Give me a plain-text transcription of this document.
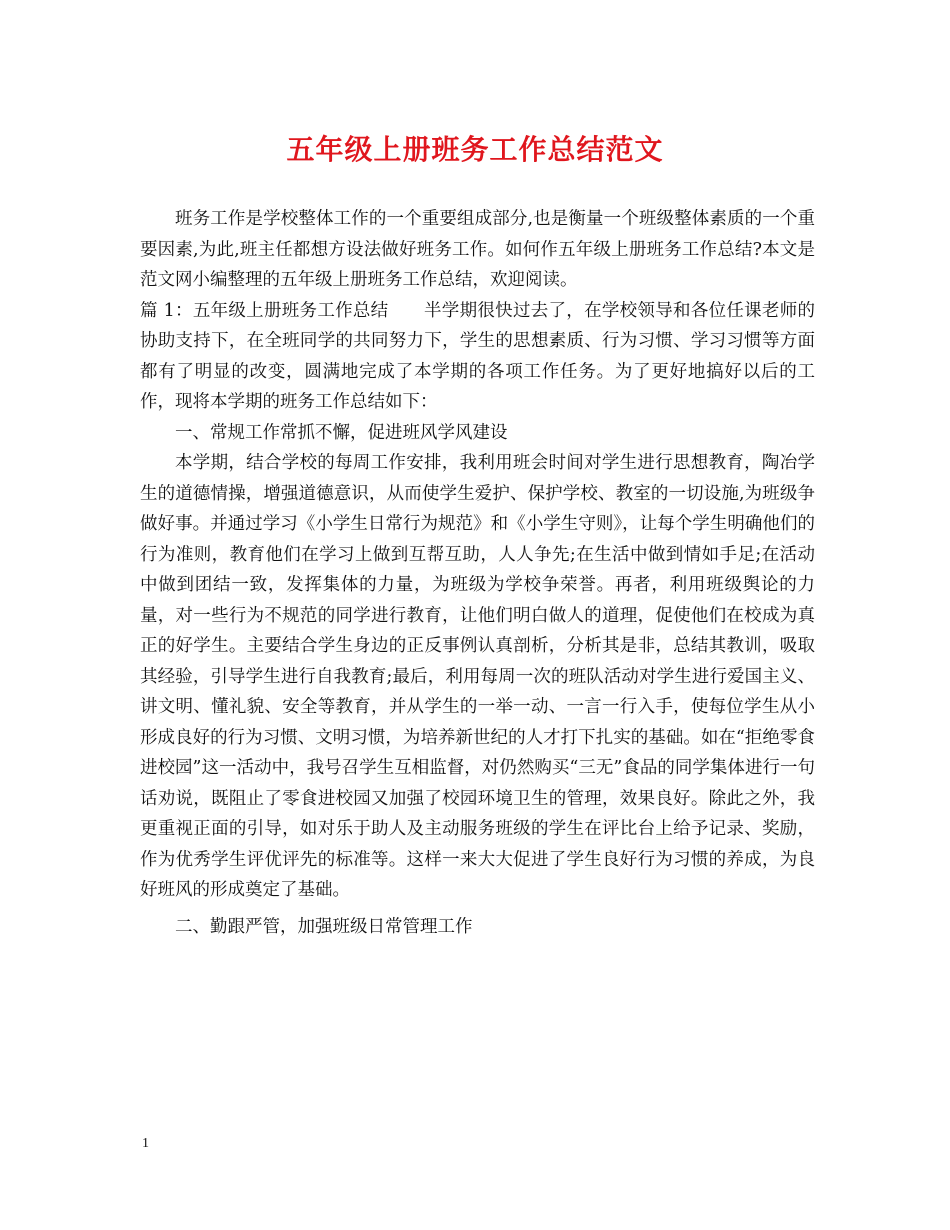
五年级上册班务工作总结范文

班务工作是学校整体工作的一个重要组成部分,也是衡量一个班级整体素质的一个重要因素,为此,班主任都想方设法做好班务工作。如何作五年级上册班务工作总结?本文是范文网小编整理的五年级上册班务工作总结，欢迎阅读。

篇 1：五年级上册班务工作总结　　半学期很快过去了，在学校领导和各位任课老师的协助支持下，在全班同学的共同努力下，学生的思想素质、行为习惯、学习习惯等方面都有了明显的改变，圆满地完成了本学期的各项工作任务。为了更好地搞好以后的工作，现将本学期的班务工作总结如下：

一、常规工作常抓不懈，促进班风学风建设

本学期，结合学校的每周工作安排，我利用班会时间对学生进行思想教育，陶冶学生的道德情操，增强道德意识，从而使学生爱护、保护学校、教室的一切设施,为班级争做好事。并通过学习《小学生日常行为规范》和《小学生守则》，让每个学生明确他们的行为准则，教育他们在学习上做到互帮互助，人人争先;在生活中做到情如手足;在活动中做到团结一致，发挥集体的力量，为班级为学校争荣誉。再者，利用班级舆论的力量，对一些行为不规范的同学进行教育，让他们明白做人的道理，促使他们在校成为真正的好学生。主要结合学生身边的正反事例认真剖析，分析其是非，总结其教训，吸取其经验，引导学生进行自我教育;最后，利用每周一次的班队活动对学生进行爱国主义、讲文明、懂礼貌、安全等教育，并从学生的一举一动、一言一行入手，使每位学生从小形成良好的行为习惯、文明习惯，为培养新世纪的人才打下扎实的基础。如在“拒绝零食进校园”这一活动中，我号召学生互相监督，对仍然购买“三无”食品的同学集体进行一句话劝说，既阻止了零食进校园又加强了校园环境卫生的管理，效果良好。除此之外，我更重视正面的引导，如对乐于助人及主动服务班级的学生在评比台上给予记录、奖励，作为优秀学生评优评先的标准等。这样一来大大促进了学生良好行为习惯的养成，为良好班风的形成奠定了基础。

二、勤跟严管，加强班级日常管理工作

1
